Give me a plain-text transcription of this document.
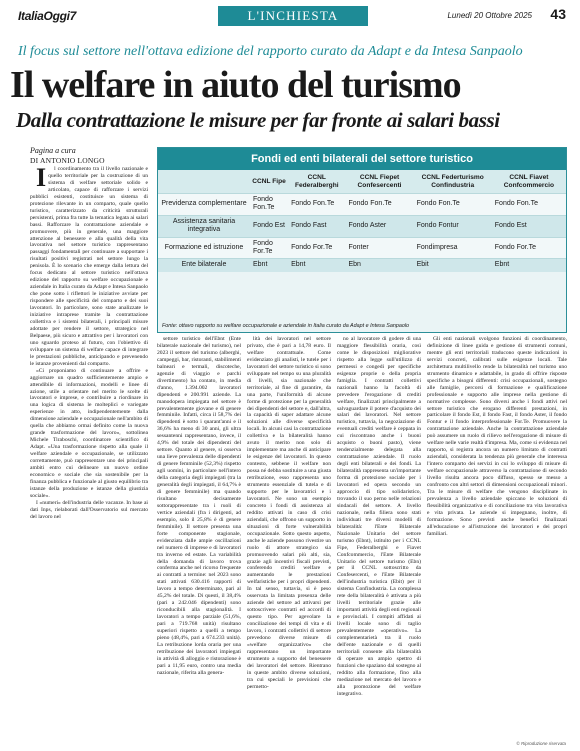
ItaliaOggi7	L'INCHIESTA	Lunedì 20 Ottobre 2025 43
Il focus sul settore nell'ottava edizione del rapporto curato da Adapt e da Intesa Sanpaolo
Il welfare in aiuto del turismo
Dalla contrattazione le misure per far fronte ai salari bassi
Pagina a cura
DI ANTONIO LONGO

I l coordinamento tra il livello nazionale e quello territoriale per la costruzione di un sistema di welfare settoriale solido e articolato, capace di rafforzare i servizi pubblici esistenti, costituisce un sistema di protezione rilevante in un comparto, quale quello turistico, caratterizzato da criticità strutturali persistenti, prima fra tutte la tematica legata ai salari bassi. Rafforzare la contrattazione aziendale e promuovere, più in generale, una maggiore attenzione al benessere e alla qualità della vita lavorativa nel settore turistico rappresentano passaggi fondamentali per continuare a supportare i risultati positivi registrati nel settore lungo la penisola. È lo scenario che emerge dalla lettura del focus dedicato al settore turistico nell'ottava edizione del rapporto su welfare occupazionale e aziendale in Italia curato da Adapt e Intesa Sanpaolo che pone sotto i riflettori le iniziative avviate per rispondere alle specificità del comparto e dei suoi lavoratori. In particolare, sono state analizzate le iniziative intraprese tramite la contrattazione collettiva e i sistemi bilaterali, i principali misure adottate per rendere il settore, strategico nel Belpaese, più sicuro e attrattivo per i lavoratori con uno sguardo proteso al futuro, con l'obiettivo di sviluppare un sistema di welfare capace di integrare le prestazioni pubbliche, anticipando e prevenendo le istanze provenienti dal comparto.

«Ci proponiamo di continuare a offrire e aggiornare un quadro sufficientemente ampio e attendibile di informazioni, modelli e linee di azione, utile a orientare nel merito le scelte di lavoratori e imprese, e contribuire a riordinare in una logica di sistema le molteplici e variegate esperienze in atto, indipendentemente dalla dimensione aziendale e occupazionale nell'ambito di quella che abbiamo ormai definito come la nuova grande trasformazione del lavoro», sottolinea Michele Tiraboschi, coordinatore scientifico di Adapt. «Una trasformazione rispetto alla quale il welfare aziendale e occupazionale, se utilizzato correttamente, può rappresentare uno dei principali ambiti entro cui delineare un nuovo ordine economico e sociale che sia sostenibile per la finanza pubblica e funzionale al giusto equilibrio tra istanze della produzione e istanze della giustizia sociale».

I «numeri» dell'industria delle vacanze. In base ai dati Inps, rielaborati dall'Osservatorio sul mercato del lavoro nel

Fondi ed enti bilaterali del settore turistico
	CCNL Fipe	CCNL Federalberghi	CCNL Fiepet Confesercenti	CCNL Federturismo Confindustria	CCNL Fiavet Confcommercio
Previdenza complementare	Fondo Fon.Te	Fondo Fon.Te	Fondo Fon.Te	Fondo Fon.Te	Fondo Fon.Te
Assistenza sanitaria integrativa	Fondo Est	Fondo Fast	Fondo Aster	Fondo Fontur	Fondo Est
Formazione ed istruzione	Fondo For.Te	Fondo For.Te	Fonter	Fondimpresa	Fondo For.Te
Ente bilaterale	Ebnt	Ebnt	Ebn	Ebit	Ebnt
Fonte: ottavo rapporto su welfare occupazionale e aziendale in Italia curato da Adapt e Intesa Sanpaolo

settore turistico dell'Ebnt (Ente bilaterale nazionale del turismo), nel 2023 il settore del turismo (alberghi, campeggi, bar, ristoranti, stabilimenti balneari e termali, discoteche, agenzie di viaggio e parchi divertimento) ha contato, in media d'anno, 1.394.002 lavoratori dipendenti e 200.991 aziende. La manodopera impiegata nel settore è prevalentemente giovane e di genere femminile. Infatti, circa il 58,7% dei dipendenti è sotto i quarant'anni e il 36,6% ha meno di 30 anni, gli ultra sessantenni rappresentano, invece, il 4,9% del totale dei dipendenti del settore. Quanto al genere, si osserva una lieve prevalenza delle dipendenti di genere femminile (52,3%) rispetto agli uomini, in particolare nell'intero della categoria degli impiegati (tra la generalità degli impiegati, il 64,7% è di genere femminile) ma quando risultano decisamente sottorappresentate tra i ruoli di vertice aziendali (fra i dirigenti, ad esempio, solo il 25,8% è di genere femminile). Il settore presenta una forte componente stagionale, evidenziata dalle ampie oscillazioni nel numero di imprese e di lavoratori tra inverno ed estate. La variabilità della domanda di lavoro trova conferma anche nel ricorso frequente ai contratti a termine: nel 2023 sono stati attivati 630.416 rapporti di lavoro a tempo determinato, pari al 45,2% del totale. Di questi, il 38,4% (pari a 242.046 dipendenti) sono riconducibili alla stagionalità. I lavoratori a tempo parziale (51,6%, pari a 719.768 unità) risultano superiori rispetto a quelli a tempo pieno (48,4%, pari a 674.233 unità). La retribuzione lorda oraria per una retribuzione dei lavoratori impiegati in attività di alloggio e ristorazione è pari a 11,95 euro, contro una media nazionale, riferita alla genera-

lità dei lavoratori nel settore privato, che è pari a 14,78 euro. Il welfare contrattuale. Come evidenziato gli analisti, le tutele per i lavoratori del settore turistico si sono sviluppate nel tempo su una pluralità di livelli, sia nazionale che territoriale, al fine di garantire, da una parte, l'uniformità di alcune forme di protezione per la generalità dei dipendenti del settore e, dall'altra, la capacità di saper adattare alcune soluzioni alle diverse specificità locali. In alcuni casi la contrattazione collettiva e la bilateralità hanno avuto il merito non solo di implementare ma anche di anticipare le esigenze del lavoratori. In questo contesto, sebbene il welfare non possa né debba sostituire a una giusta retribuzione, esso rappresenta uno strumento essenziale di tutela e di supporto per le lavoratrici e i lavoratori. Ne sono un esempio concreto i fondi di assistenza al reddito attivati in caso di crisi aziendali, che offrono un supporto in situazioni di forte vulnerabilità occupazionale. Sotto questo aspetto, anche le aziende possono rivestire un ruolo di attore strategico sia promuovendo salari più alti, sia, grazie agli incentivi fiscali previsti, conferendo crediti welfare e aumentando le prestazioni welfaristiche per i propri dipendenti. In tal senso, tuttavia, si è peso osservata la limitata presenza delle aziende del settore ad attivarsi per sottoscrivere contratti ed accordi di questo tipo. Per agevolare la conciliazione dei tempi di vita e di lavoro, i contratti collettivi di settore prevedono diverse misure di «welfare organizzativo» che rappresentano un importante strumento a supporto del benessere dei lavoratori del settore. Rientrano in queste ambito diverse soluzioni, tra cui speciali le previsioni che permetto-

no al lavoratore di godere di una maggiore flessibilità oraria, così come le disposizioni migliorative rispetto alla legge sull'utilizzo di permessi e congedi per specifiche esigenze proprie o della propria famiglia. I contratti collettivi nazionali hanno la facoltà di prevedere l'erogazione di crediti welfare, finalizzati principalmente a salvaguardare il potere d'acquisto dei salari dei lavoratori. Nel settore turistico, tuttavia, la negoziazione di eventuali crediti welfare è ceppata in cui riscontrano anche i buoni acquisto o buoni pasto), viene tendenzialmente delegata alla contrattazione aziendale. Il ruolo degli enti bilaterali e dei fondi. La bilateralità rappresenta un'importante forma di protezione sociale per i lavoratori ed opera secondo un approccio di tipo solidaristico, trovando il suo perno nelle relazioni sindacali del settore. A livello nazionale, nella filiera sono stati individuati tre diversi modelli di bilateralità: l'Ente Bilaterale Nazionale Unitario del settore turismo (Ebnt), istituito per i CCNL Fipe, Federalberghi e Fiavet Confcommercio, l'Ente Bilaterale Unitario del settore turismo (Ebn) per il CCNL sottoscritto da Confesercenti, e l'Ente Bilaterale dell'industria turistica (Ebit) per il sistema Confindustria. La complessa rete della bilateralità è attivata a più livelli territoriale grazie alle importanti attività degli enti regionali e provinciali. I compiti affidati ai livelli locale sono di taglio prevalentemente «operativo». La complementarietà tra il ruolo dell'ente nazionale e di quelli territoriali consente alla bilateralità di operare un ampio spettro di funzioni che spaziano dal sostegno al reddito alla formazione, fino alla mediazione nel mercato del lavoro e alla promozione del welfare integrativo.

Gli enti nazionali svolgono funzioni di coordinamento, definizione di linee guida e gestione di strumenti comuni, mentre gli enti territoriali traducono queste indicazioni in servizi concreti, calibrati sulle esigenze locali. Tale architettura multilivello rende la bilateralità nel turismo uno strumento dinamico e adattabile, in grado di offrire risposte specifiche a bisogni differenti: crisi occupazionali, sostegno alle famiglie, percorsi di formazione e qualificazione professionale e supporto alle imprese nella gestione di normative complesse. Sono diversi anche i fondi attivi nel settore turistico che erogano differenti prestazioni, in particolare il fondo Est, il fondo Fast, il fondo Aster, il fondo Fontur e il fondo interprofessionale For.Te. Promuovere la contrattazione aziendale. Anche la contrattazione aziendale può assumere un ruolo di rilievo nell'erogazione di misure di welfare nelle varie realtà d'impresa. Ma, come si evidenza nel rapporto, si registra ancora un numero limitato di contratti aziendali, considerata la tendenza più generale che interessa l'intero comparto dei servizi in cui lo sviluppo di misure di welfare occupazionale attraverso la contrattazione di secondo livello risulta ancora poco diffuso, spesso se messo a confronto con altri settori di dimensioni occupazionali minori. Tra le misure di welfare che vengono disciplinate in prevalenza a livello aziendale spiccano le soluzioni di flessibilità organizzativa e di conciliazione tra vita lavorativa e vita privata. Le aziende si impegnano, inoltre, di formazione. Sono previsti anche benefici finalizzati all'educazione e all'istruzione dei lavoratori e dei propri familiari.

© Riproduzione riservata
